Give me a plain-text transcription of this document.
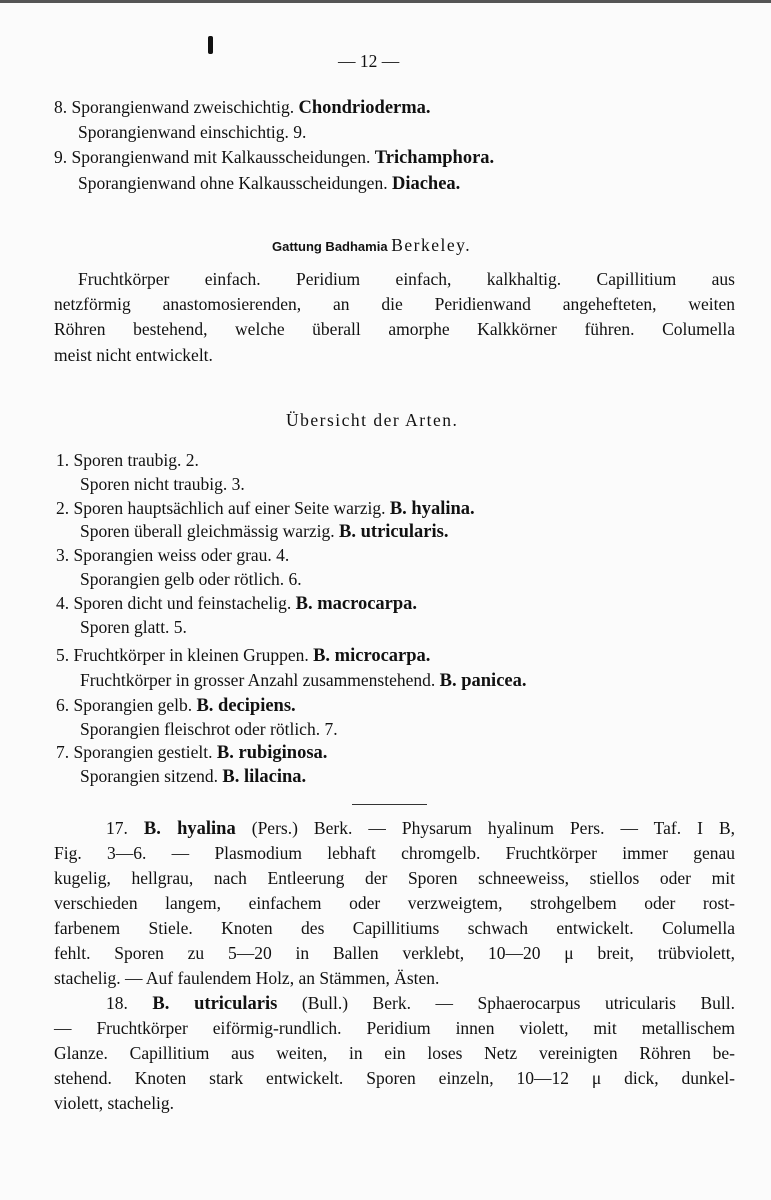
— 12 —
8. Sporangienwand zweischichtig. Chondrioderma.
Sporangienwand einschichtig. 9.
9. Sporangienwand mit Kalkausscheidungen. Trichamphora.
Sporangienwand ohne Kalkausscheidungen. Diachea.
Gattung Badhamia Berkeley.
Fruchtkörper einfach. Peridium einfach, kalkhaltig. Capillitium aus
netzförmig anastomosierenden, an die Peridienwand angehefteten, weiten
Röhren bestehend, welche überall amorphe Kalkkörner führen. Columella
meist nicht entwickelt.
Übersicht der Arten.
1. Sporen traubig. 2.
Sporen nicht traubig. 3.
2. Sporen hauptsächlich auf einer Seite warzig. B. hyalina.
Sporen überall gleichmässig warzig. B. utricularis.
3. Sporangien weiss oder grau. 4.
Sporangien gelb oder rötlich. 6.
4. Sporen dicht und feinstachelig. B. macrocarpa.
Sporen glatt. 5.
5. Fruchtkörper in kleinen Gruppen. B. microcarpa.
Fruchtkörper in grosser Anzahl zusammenstehend. B. panicea.
6. Sporangien gelb. B. decipiens.
Sporangien fleischrot oder rötlich. 7.
7. Sporangien gestielt. B. rubiginosa.
Sporangien sitzend. B. lilacina.
17. B. hyalina (Pers.) Berk. — Physarum hyalinum Pers. — Taf. I B,
Fig. 3—6. — Plasmodium lebhaft chromgelb. Fruchtkörper immer genau
kugelig, hellgrau, nach Entleerung der Sporen schneeweiss, stiellos oder mit
verschieden langem, einfachem oder verzweigtem, strohgelbem oder rost-
farbenem Stiele. Knoten des Capillitiums schwach entwickelt. Columella
fehlt. Sporen zu 5—20 in Ballen verklebt, 10—20 μ breit, trübviolett,
stachelig. — Auf faulendem Holz, an Stämmen, Ästen.
18. B. utricularis (Bull.) Berk. — Sphaerocarpus utricularis Bull.
— Fruchtkörper eiförmig-rundlich. Peridium innen violett, mit metallischem
Glanze. Capillitium aus weiten, in ein loses Netz vereinigten Röhren be-
stehend. Knoten stark entwickelt. Sporen einzeln, 10—12 μ dick, dunkel-
violett, stachelig.
